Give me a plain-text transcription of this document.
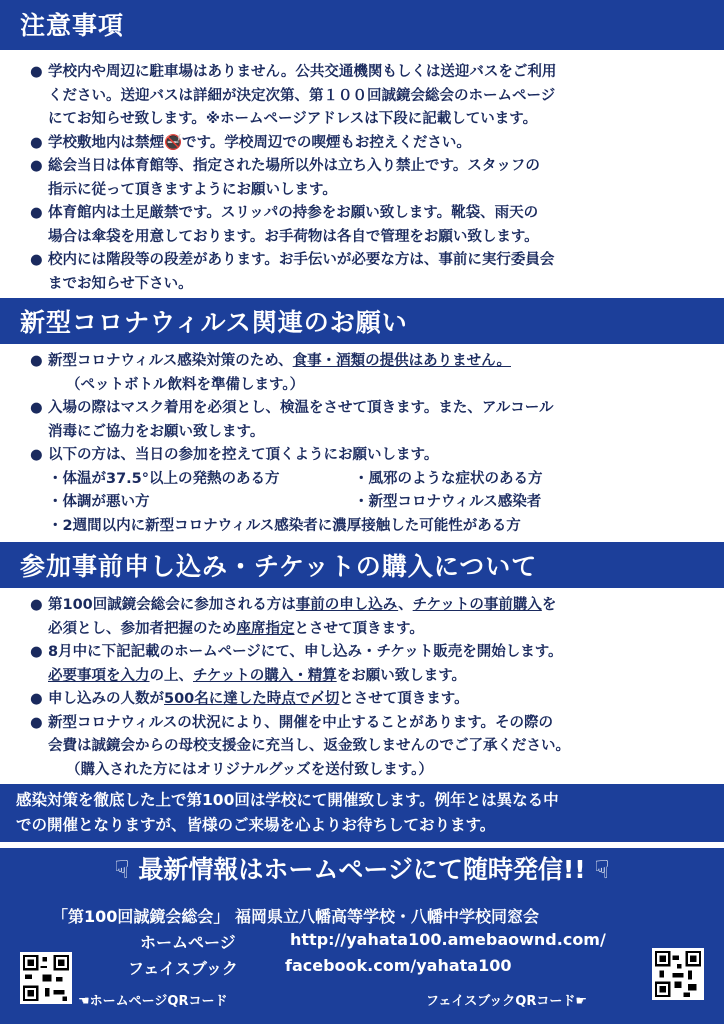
注意事項
● 学校内や周辺に駐車場はありません。公共交通機関もしくは送迎バスをご利用
ください。送迎バスは詳細が決定次第、第１００回誠鏡会総会のホームページ
にてお知らせ致します。※ホームページアドレスは下段に記載しています。
● 学校敷地内は禁煙🚭です。学校周辺での喫煙もお控えください。
● 総会当日は体育館等、指定された場所以外は立ち入り禁止です。スタッフの
指示に従って頂きますようにお願いします。
● 体育館内は土足厳禁です。スリッパの持参をお願い致します。靴袋、雨天の
場合は傘袋を用意しております。お手荷物は各自で管理をお願い致します。
● 校内には階段等の段差があります。お手伝いが必要な方は、事前に実行委員会
までお知らせ下さい。
新型コロナウィルス関連のお願い
● 新型コロナウィルス感染対策のため、食事・酒類の提供はありません。
（ペットボトル飲料を準備します。）
● 入場の際はマスク着用を必須とし、検温をさせて頂きます。また、アルコール
消毒にご協力をお願い致します。
● 以下の方は、当日の参加を控えて頂くようにお願いします。
・体温が37.5°以上の発熱のある方	・風邪のような症状のある方
・体調が悪い方	・新型コロナウィルス感染者
・2週間以内に新型コロナウィルス感染者に濃厚接触した可能性がある方
参加事前申し込み・チケットの購入について
● 第100回誠鏡会総会に参加される方は事前の申し込み、チケットの事前購入を
必須とし、参加者把握のため座席指定とさせて頂きます。
● 8月中に下記記載のホームページにて、申し込み・チケット販売を開始します。
必要事項を入力の上、チケットの購入・精算をお願い致します。
● 申し込みの人数が500名に達した時点で〆切とさせて頂きます。
● 新型コロナウィルスの状況により、開催を中止することがあります。その際の
会費は誠鏡会からの母校支援金に充当し、返金致しませんのでご了承ください。
（購入された方にはオリジナルグッズを送付致します。）
感染対策を徹底した上で第100回は学校にて開催致します。例年とは異なる中
での開催となりますが、皆様のご来場を心よりお待ちしております。
☟ 最新情報はホームページにて随時発信!! ☟
「第100回誠鏡会総会」 福岡県立八幡高等学校・八幡中学校同窓会
ホームページ	http://yahata100.amebaownd.com/
フェイスブック	facebook.com/yahata100
☚ホームページQRコード	フェイスブックQRコード☛
